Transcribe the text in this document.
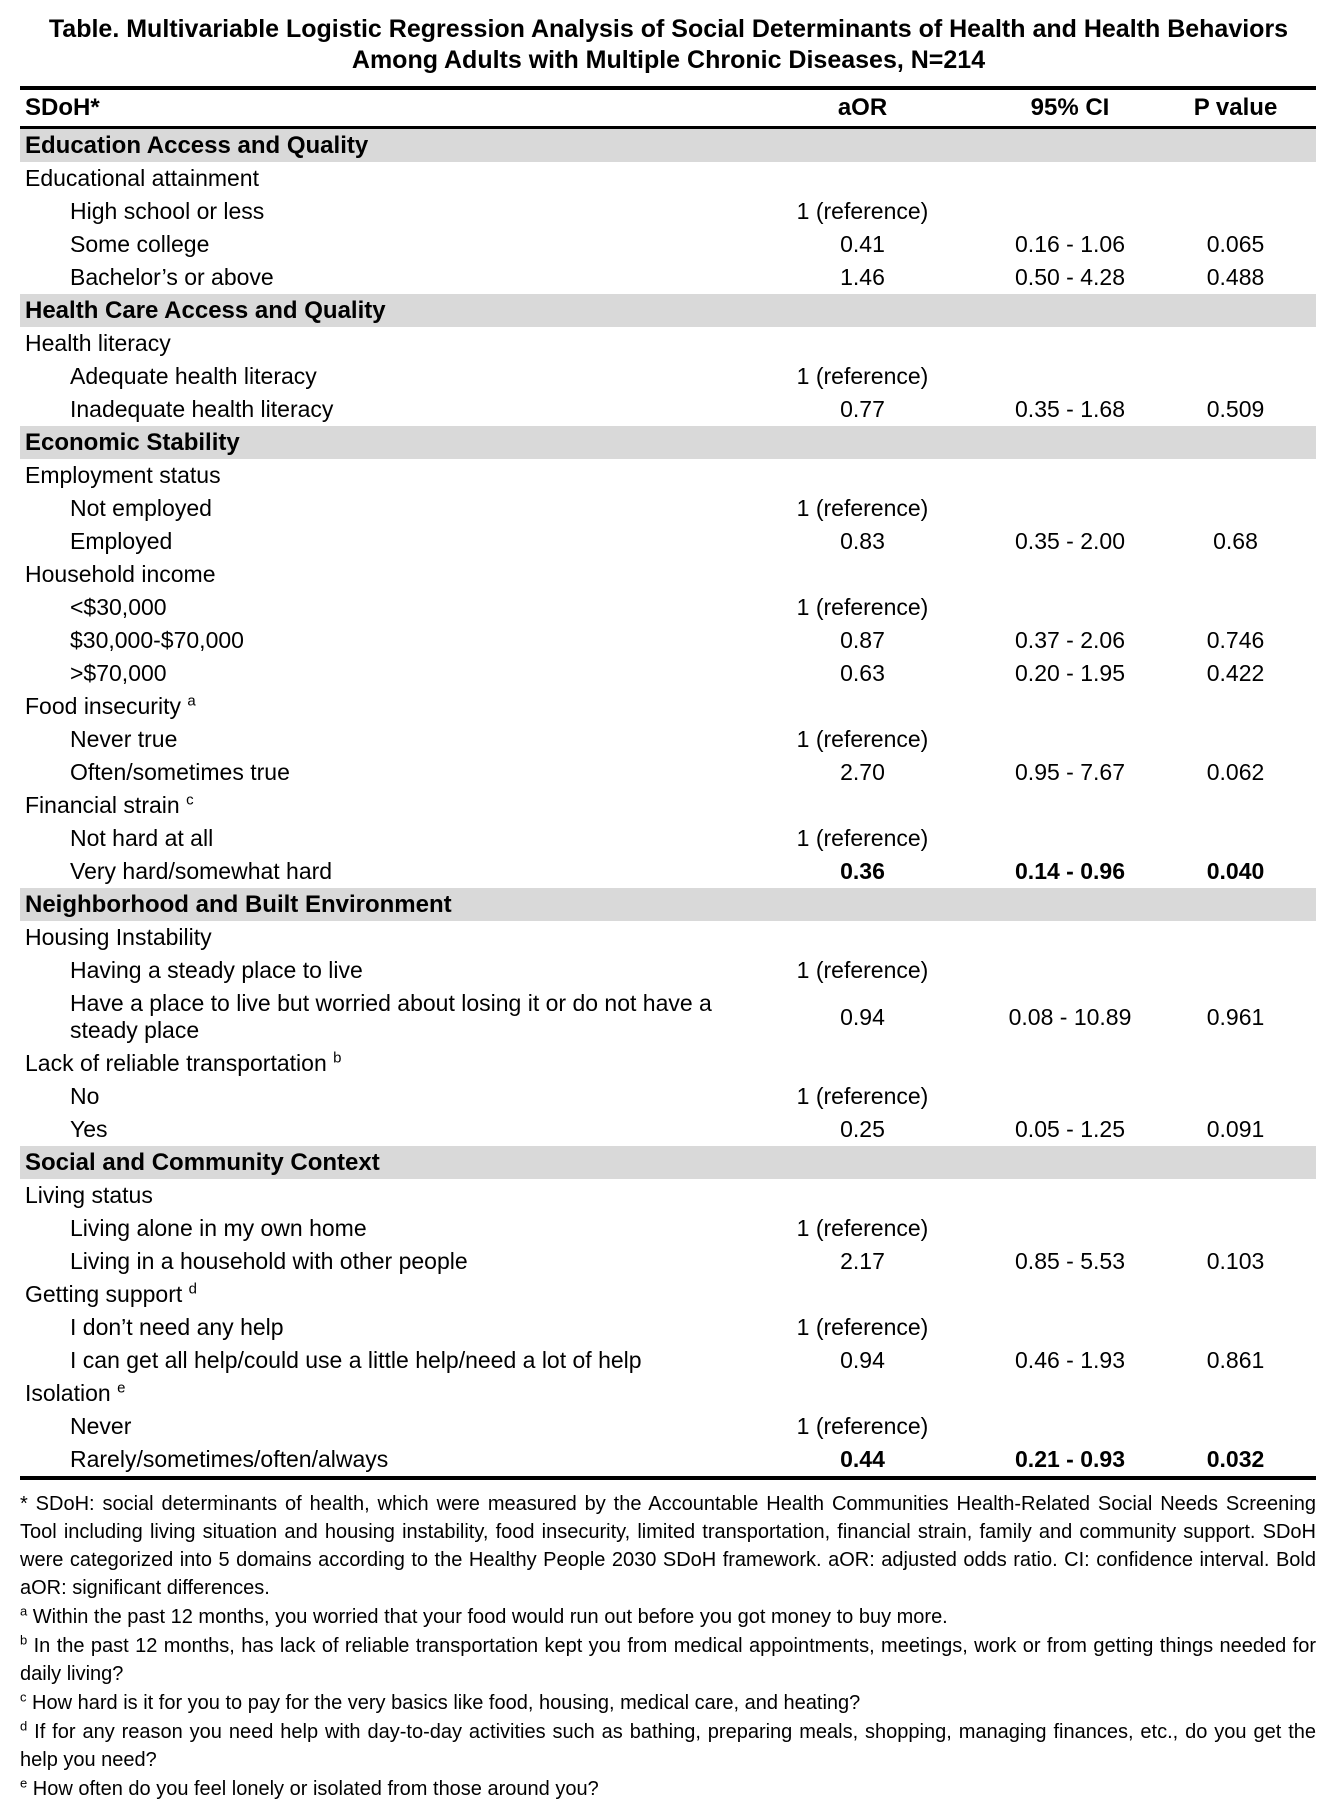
Table. Multivariable Logistic Regression Analysis of Social Determinants of Health and Health Behaviors
Among Adults with Multiple Chronic Diseases, N=214
SDoH*	aOR	95% CI	P value
Education Access and Quality			
Educational attainment			
High school or less	1 (reference)		
Some college	0.41	0.16 - 1.06	0.065
Bachelor’s or above	1.46	0.50 - 4.28	0.488
Health Care Access and Quality			
Health literacy			
Adequate health literacy	1 (reference)		
Inadequate health literacy	0.77	0.35 - 1.68	0.509
Economic Stability			
Employment status			
Not employed	1 (reference)		
Employed	0.83	0.35 - 2.00	0.68
Household income			
<$30,000	1 (reference)		
$30,000-$70,000	0.87	0.37 - 2.06	0.746
>$70,000	0.63	0.20 - 1.95	0.422
Food insecurity $^a$
Never true	1 (reference)		
Often/sometimes true	2.70	0.95 - 7.67	0.062
Financial strain $^c$
Not hard at all	1 (reference)		
Very hard/somewhat hard	0.36	0.14 - 0.96	0.040
Neighborhood and Built Environment			
Housing Instability			
Having a steady place to live	1 (reference)		
Have a place to live but worried about losing it or do not have a steady place	0.94	0.08 - 10.89	0.961
Lack of reliable transportation $^b$
No	1 (reference)		
Yes	0.25	0.05 - 1.25	0.091
Social and Community Context			
Living status			
Living alone in my own home	1 (reference)		
Living in a household with other people	2.17	0.85 - 5.53	0.103
Getting support $^d$
I don’t need any help	1 (reference)		
I can get all help/could use a little help/need a lot of help	0.94	0.46 - 1.93	0.861
Isolation $^e$
Never	1 (reference)		
Rarely/sometimes/often/always	0.44	0.21 - 0.93	0.032

* SDoH: social determinants of health, which were measured by the Accountable Health Communities Health-Related Social Needs Screening Tool including living situation and housing instability, food insecurity, limited transportation, financial strain, family and community support. SDoH were categorized into 5 domains according to the Healthy People 2030 SDoH framework. aOR: adjusted odds ratio. CI: confidence interval. Bold aOR: significant differences.

$^a$ Within the past 12 months, you worried that your food would run out before you got money to buy more.

$^b$ In the past 12 months, has lack of reliable transportation kept you from medical appointments, meetings, work or from getting things needed for daily living?

$^c$ How hard is it for you to pay for the very basics like food, housing, medical care, and heating?

$^d$ If for any reason you need help with day-to-day activities such as bathing, preparing meals, shopping, managing finances, etc., do you get the help you need?

$^e$ How often do you feel lonely or isolated from those around you?
